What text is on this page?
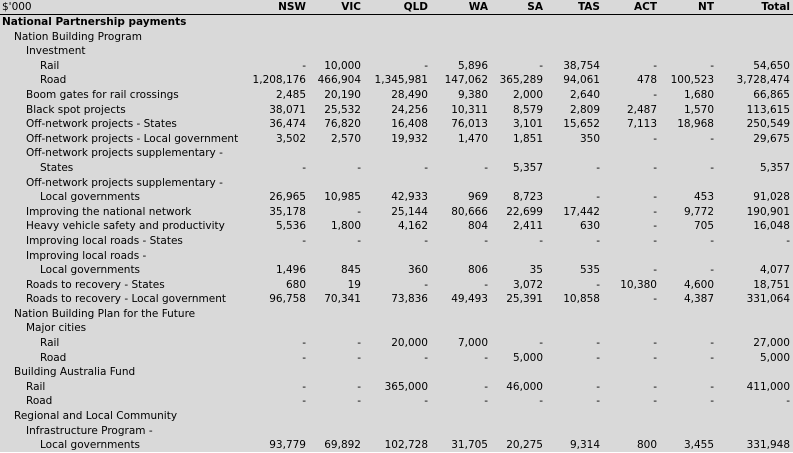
$'000	NSW	VIC	QLD	WA	SA	TAS	ACT	NT	Total
National Partnership payments									
Nation Building Program									
Investment									
Rail	-	10,000	-	5,896	-	38,754	-	-	54,650
Road	1,208,176	466,904	1,345,981	147,062	365,289	94,061	478	100,523	3,728,474
Boom gates for rail crossings	2,485	20,190	28,490	9,380	2,000	2,640	-	1,680	66,865
Black spot projects	38,071	25,532	24,256	10,311	8,579	2,809	2,487	1,570	113,615
Off-network projects - States	36,474	76,820	16,408	76,013	3,101	15,652	7,113	18,968	250,549
Off-network projects - Local government	3,502	2,570	19,932	1,470	1,851	350	-	-	29,675
Off-network projects supplementary -									
States	-	-	-	-	5,357	-	-	-	5,357
Off-network projects supplementary -									
Local governments	26,965	10,985	42,933	969	8,723	-	-	453	91,028
Improving the national network	35,178	-	25,144	80,666	22,699	17,442	-	9,772	190,901
Heavy vehicle safety and productivity	5,536	1,800	4,162	804	2,411	630	-	705	16,048
Improving local roads - States	-	-	-	-	-	-	-	-	-
Improving local roads -									
Local governments	1,496	845	360	806	35	535	-	-	4,077
Roads to recovery - States	680	19	-	-	3,072	-	10,380	4,600	18,751
Roads to recovery - Local government	96,758	70,341	73,836	49,493	25,391	10,858	-	4,387	331,064
Nation Building Plan for the Future									
Major cities									
Rail	-	-	20,000	7,000	-	-	-	-	27,000
Road	-	-	-	-	5,000	-	-	-	5,000
Building Australia Fund									
Rail	-	-	365,000	-	46,000	-	-	-	411,000
Road	-	-	-	-	-	-	-	-	-
Regional and Local Community									
Infrastructure Program -									
Local governments	93,779	69,892	102,728	31,705	20,275	9,314	800	3,455	331,948
